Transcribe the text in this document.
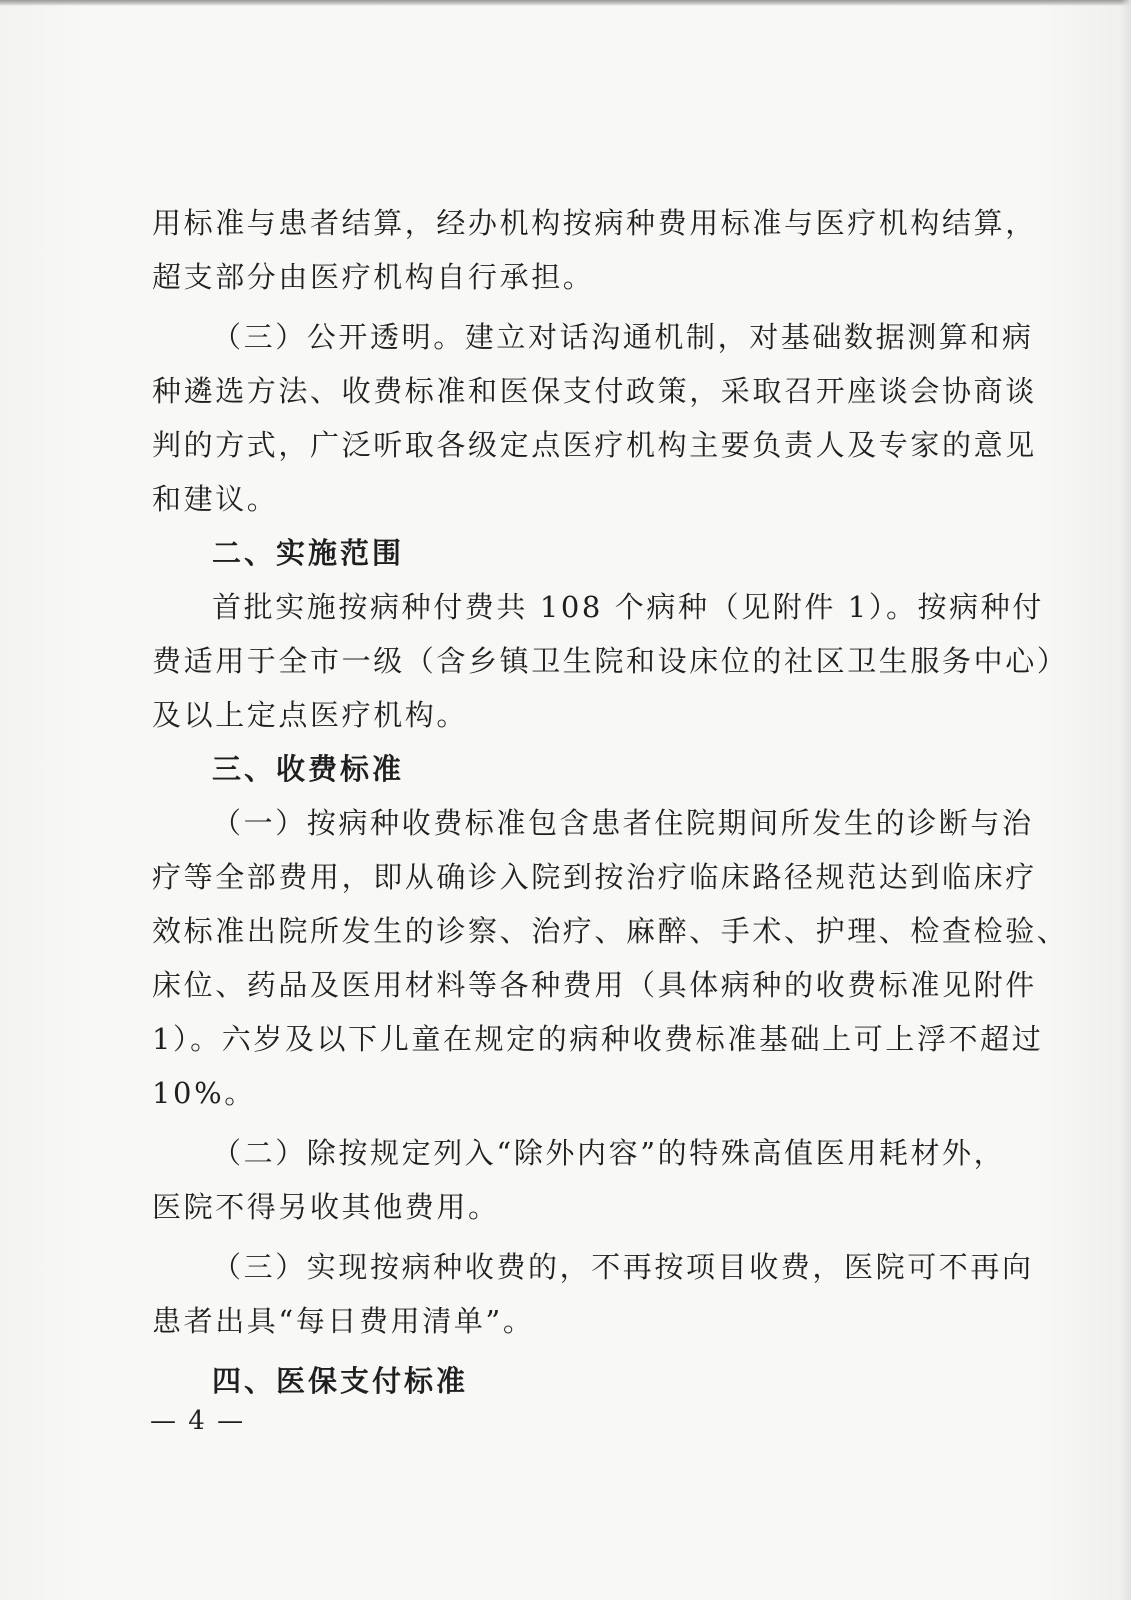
用标准与患者结算，经办机构按病种费用标准与医疗机构结算，
超支部分由医疗机构自行承担。
（三）公开透明。建立对话沟通机制，对基础数据测算和病
种遴选方法、收费标准和医保支付政策，采取召开座谈会协商谈
判的方式，广泛听取各级定点医疗机构主要负责人及专家的意见
和建议。
二、实施范围
首批实施按病种付费共 108 个病种（见附件 1）。按病种付
费适用于全市一级（含乡镇卫生院和设床位的社区卫生服务中心）
及以上定点医疗机构。
三、收费标准
（一）按病种收费标准包含患者住院期间所发生的诊断与治
疗等全部费用，即从确诊入院到按治疗临床路径规范达到临床疗
效标准出院所发生的诊察、治疗、麻醉、手术、护理、检查检验、
床位、药品及医用材料等各种费用（具体病种的收费标准见附件
1）。六岁及以下儿童在规定的病种收费标准基础上可上浮不超过
10%。
（二）除按规定列入“除外内容”的特殊高值医用耗材外，
医院不得另收其他费用。
（三）实现按病种收费的，不再按项目收费，医院可不再向
患者出具“每日费用清单”。
四、医保支付标准
— 4 —
